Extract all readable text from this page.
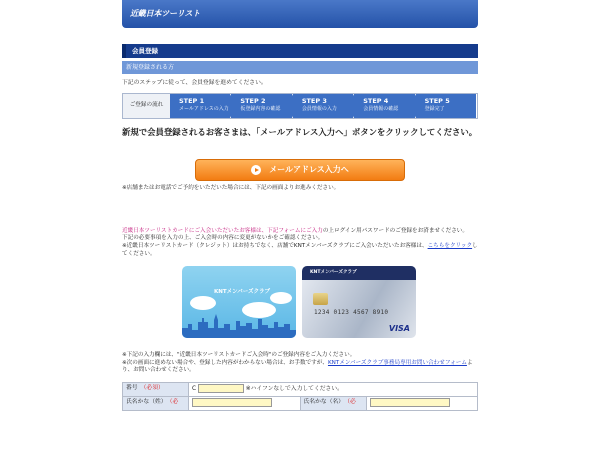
近畿日本ツーリスト
会員登録
新規登録される方

下記のステップに従って、会員登録を進めてください。

ご登録の流れ
STEP 1
メールアドレスの入力
STEP 2
仮登録内容の確認
STEP 3
会員情報の入力
STEP 4
会員情報の確認
STEP 5
登録完了

新規で会員登録されるお客さまは、「メールアドレス入力へ」ボタンをクリックしてください。

メールアドレス入力へ

※店舗またはお電話でご予約をいただいた場合には、下記の画面よりお進みください。

近畿日本ツーリストカードにご入会いただいたお客様は、下記フォームにご入力の上ログイン用パスワードのご登録をお済ませください。

下記の必要事項を入力の上、ご入会時の内容に変更がないかをご確認ください。

※近畿日本ツーリストカード（クレジット）はお持ちでなく、店舗でKNTメンバーズクラブにご入会いただいたお客様は、こちらをクリックしてください。

KNTメンバーズクラブ
KNTメンバーズクラブ
1234 0123 4567 8910
VISA

※下記の入力欄には、"近畿日本ツーリストカードご入会時"のご登録内容をご入力ください。

※次の画面に進めない場合や、登録した内容がわからない場合は、お手数ですが、KNTメンバーズクラブ事務局専用お問い合わせフォームより、お問い合わせください。

番号 （必須）	C ※ハイフンなしで入力してください。		
氏名かな（姓） （必		氏名かな（名） （必	
